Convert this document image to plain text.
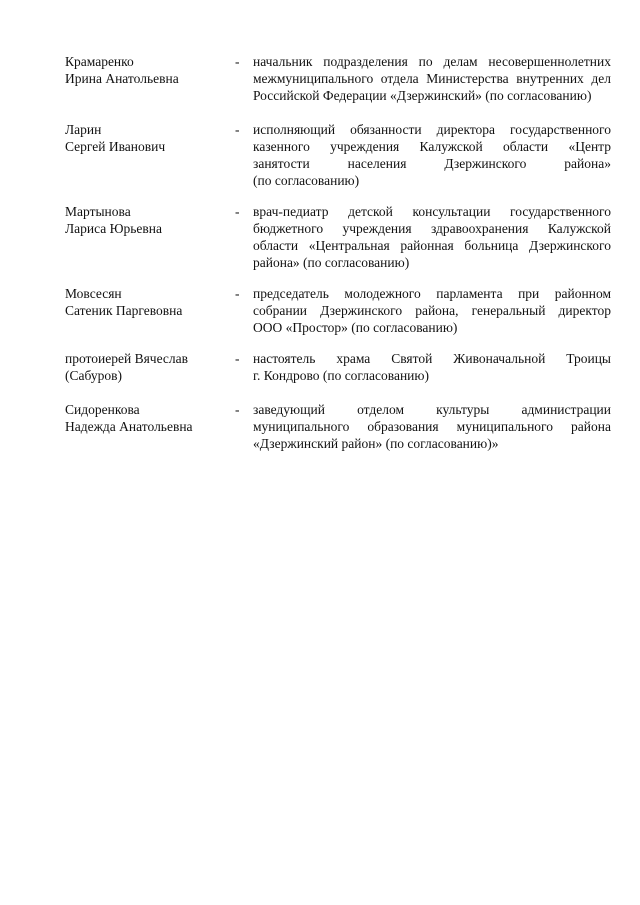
Крамаренко
Ирина Анатольевна
-	начальник подразделения по делам несовершеннолетних
межмуниципального отдела Министерства внутренних дел
Российской Федерации «Дзержинский» (по согласованию)
Ларин
Сергей Иванович
-	исполняющий обязанности директора государственного
казенного учреждения Калужской области «Центр
занятости населения Дзержинского района»
(по согласованию)
Мартынова
Лариса Юрьевна
-	врач-педиатр детской консультации государственного
бюджетного учреждения здравоохранения Калужской
области «Центральная районная больница Дзержинского
района» (по согласованию)
Мовсесян
Сатеник Паргевовна
-	председатель молодежного парламента при районном
собрании Дзержинского района, генеральный директор
ООО «Простор» (по согласованию)
протоиерей Вячеслав
(Сабуров)
-	настоятель храма Святой Живоначальной Троицы
г. Кондрово (по согласованию)
Сидоренкова
Надежда Анатольевна
-	заведующий отделом культуры администрации
муниципального образования муниципального района
«Дзержинский район» (по согласованию)»
